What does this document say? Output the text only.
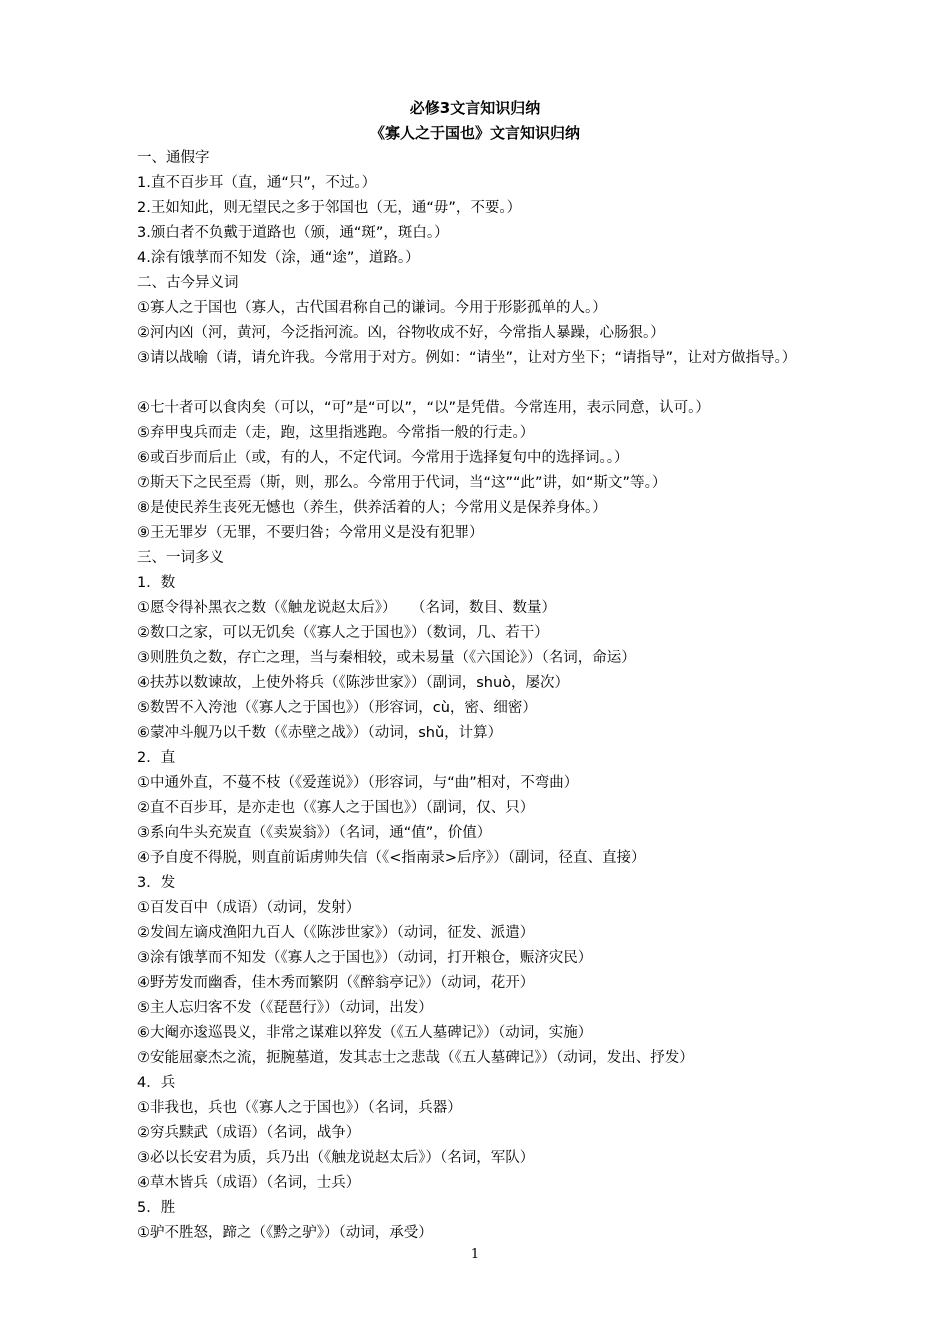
必修3文言知识归纳
《寡人之于国也》文言知识归纳
一、通假字
1.直不百步耳（直，通“只”，不过。）
2.王如知此，则无望民之多于邻国也（无，通“毋”，不要。）
3.颁白者不负戴于道路也（颁，通“斑”，斑白。）
4.涂有饿莩而不知发（涂，通“途”，道路。）
二、古今异义词
①寡人之于国也（寡人，古代国君称自己的谦词。今用于形影孤单的人。）
②河内凶（河，黄河，今泛指河流。凶，谷物收成不好，今常指人暴躁，心肠狠。）
③请以战喻（请，请允许我。今常用于对方。例如：“请坐”，让对方坐下；“请指导”，让对方做指导。）
④七十者可以食肉矣（可以，“可”是“可以”，“以”是凭借。今常连用，表示同意，认可。）
⑤弃甲曳兵而走（走，跑，这里指逃跑。今常指一般的行走。）
⑥或百步而后止（或，有的人，不定代词。今常用于选择复句中的选择词。。）
⑦斯天下之民至焉（斯，则，那么。今常用于代词，当“这”“此”讲，如“斯文”等。）
⑧是使民养生丧死无憾也（养生，供养活着的人；今常用义是保养身体。）
⑨王无罪岁（无罪，不要归咎；今常用义是没有犯罪）
三、一词多义
1．数
①愿令得补黑衣之数（《触龙说赵太后》）　　（名词，数目、数量）
②数口之家，可以无饥矣（《寡人之于国也》）（数词，几、若干）
③则胜负之数，存亡之理，当与秦相较，或未易量（《六国论》）（名词，命运）
④扶苏以数谏故，上使外将兵（《陈涉世家》）（副词，shuò，屡次）
⑤数罟不入洿池（《寡人之于国也》）（形容词，cù，密、细密）
⑥蒙冲斗舰乃以千数（《赤壁之战》）（动词，shǔ，计算）
2．直
①中通外直，不蔓不枝（《爱莲说》）（形容词，与“曲”相对，不弯曲）
②直不百步耳，是亦走也（《寡人之于国也》）（副词，仅、只）
③系向牛头充炭直（《卖炭翁》）（名词，通“值”，价值）
④予自度不得脱，则直前诟虏帅失信（《<指南录>后序》）（副词，径直、直接）
3．发
①百发百中（成语）（动词，发射）
②发闾左谪戍渔阳九百人（《陈涉世家》）（动词，征发、派遣）
③涂有饿莩而不知发（《寡人之于国也》）（动词，打开粮仓，赈济灾民）
④野芳发而幽香，佳木秀而繁阴（《醉翁亭记》）（动词，花开）
⑤主人忘归客不发（《琵琶行》）（动词，出发）
⑥大阉亦逡巡畏义，非常之谋难以猝发（《五人墓碑记》）（动词，实施）
⑦安能屈豪杰之流，扼腕墓道，发其志士之悲哉（《五人墓碑记》）（动词，发出、抒发）
4．兵
①非我也，兵也（《寡人之于国也》）（名词，兵器）
②穷兵黩武（成语）（名词，战争）
③必以长安君为质，兵乃出（《触龙说赵太后》）（名词，军队）
④草木皆兵（成语）（名词，士兵）
5．胜
①驴不胜怒，蹄之（《黔之驴》）（动词，承受）
1
